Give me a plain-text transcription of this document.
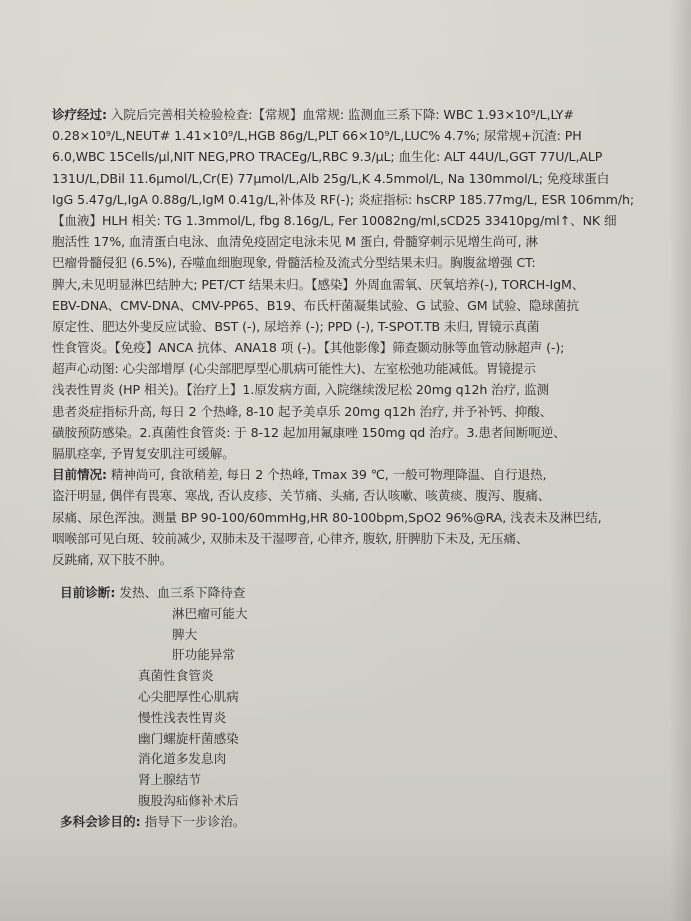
诊疗经过: 入院后完善相关检验检查:【常规】血常规: 监测血三系下降: WBC 1.93×10⁹/L,LY#
0.28×10⁹/L,NEUT# 1.41×10⁹/L,HGB 86g/L,PLT 66×10⁹/L,LUC% 4.7%; 尿常规+沉渣: PH
6.0,WBC 15Cells/μl,NIT NEG,PRO TRACEg/L,RBC 9.3/μL; 血生化: ALT 44U/L,GGT 77U/L,ALP
131U/L,DBil 11.6μmol/L,Cr(E) 77μmol/L,Alb 25g/L,K 4.5mmol/L, Na 130mmol/L; 免疫球蛋白
IgG 5.47g/L,IgA 0.88g/L,IgM 0.41g/L,补体及 RF(-); 炎症指标: hsCRP 185.77mg/L, ESR 106mm/h;
【血液】HLH 相关: TG 1.3mmol/L, fbg 8.16g/L, Fer 10082ng/ml,sCD25 33410pg/ml↑、NK 细
胞活性 17%, 血清蛋白电泳、血清免疫固定电泳未见 M 蛋白, 骨髓穿刺示见增生尚可, 淋
巴瘤骨髓侵犯 (6.5%), 吞噬血细胞现象, 骨髓活检及流式分型结果未归。胸腹盆增强 CT:
脾大,未见明显淋巴结肿大; PET/CT 结果未归。【感染】外周血需氧、厌氧培养(-), TORCH-IgM、
EBV-DNA、CMV-DNA、CMV-PP65、B19、布氏杆菌凝集试验、G 试验、GM 试验、隐球菌抗
原定性、肥达外斐反应试验、BST (-), 尿培养 (-); PPD (-), T-SPOT.TB 未归, 胃镜示真菌
性食管炎。【免疫】ANCA 抗体、ANA18 项 (-)。【其他影像】筛查颞动脉等血管动脉超声 (-);
超声心动图: 心尖部增厚 (心尖部肥厚型心肌病可能性大)、左室松弛功能减低。胃镜提示
浅表性胃炎 (HP 相关)。【治疗上】1.原发病方面, 入院继续泼尼松 20mg q12h 治疗, 监测
患者炎症指标升高, 每日 2 个热峰, 8-10 起予美卓乐 20mg q12h 治疗, 并予补钙、抑酸、
磺胺预防感染。2.真菌性食管炎: 于 8-12 起加用氟康唑 150mg qd 治疗。3.患者间断呃逆、
膈肌痉挛, 予胃复安肌注可缓解。
目前情况: 精神尚可, 食欲稍差, 每日 2 个热峰, Tmax 39 ℃, 一般可物理降温、自行退热,
盗汗明显, 偶伴有畏寒、寒战, 否认皮疹、关节痛、头痛, 否认咳嗽、咳黄痰、腹泻、腹痛、
尿痛、尿色浑浊。测量 BP 90-100/60mmHg,HR 80-100bpm,SpO2 96%@RA, 浅表未及淋巴结,
咽喉部可见白斑、较前减少, 双肺未及干湿啰音, 心律齐, 腹软, 肝脾肋下未及, 无压痛、
反跳痛, 双下肢不肿。
目前诊断: 发热、血三系下降待查
淋巴瘤可能大
脾大
肝功能异常
真菌性食管炎
心尖肥厚性心肌病
慢性浅表性胃炎
幽门螺旋杆菌感染
消化道多发息肉
肾上腺结节
腹股沟疝修补术后
多科会诊目的: 指导下一步诊治。
